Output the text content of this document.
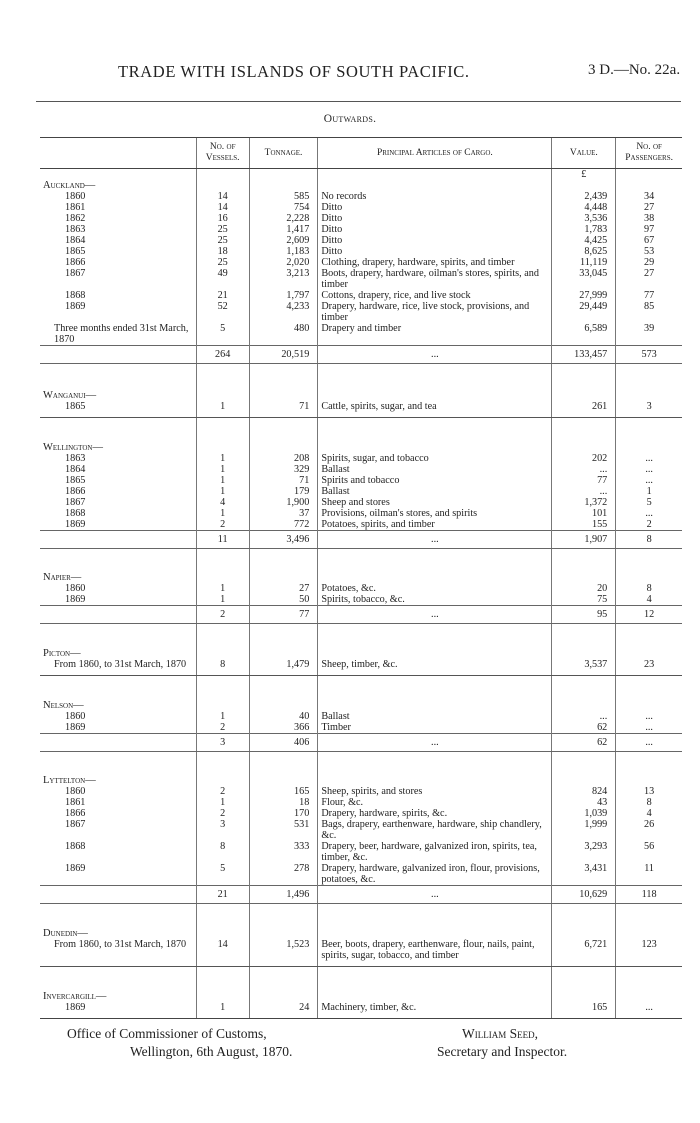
TRADE WITH ISLANDS OF SOUTH PACIFIC.	3 D.—No. 22a.
Outwards.
	No. of Vessels.	Tonnage.	Principal Articles of Cargo.	Value.	No. of Passengers.
				£	
Auckland—					
1860	14	585	No records	2,439	34
1861	14	754	Ditto	4,448	27
1862	16	2,228	Ditto	3,536	38
1863	25	1,417	Ditto	1,783	97
1864	25	2,609	Ditto	4,425	67
1865	18	1,183	Ditto	8,625	53
1866	25	2,020	Clothing, drapery, hardware, spirits, and timber	11,119	29
1867	49	3,213	Boots, drapery, hardware, oilman's stores, spirits, and timber	33,045	27
1868	21	1,797	Cottons, drapery, rice, and live stock	27,999	77
1869	52	4,233	Drapery, hardware, rice, live stock, provisions, and timber	29,449	85
Three months ended 31st March, 1870	5	480	Drapery and timber	6,589	39
	264	20,519	...	133,457	573

Wanganui—					
1865	1	71	Cattle, spirits, sugar, and tea	261	3

Wellington—					
1863	1	208	Spirits, sugar, and tobacco	202	...
1864	1	329	Ballast	...	...
1865	1	71	Spirits and tobacco	77	...
1866	1	179	Ballast	...	1
1867	4	1,900	Sheep and stores	1,372	5
1868	1	37	Provisions, oilman's stores, and spirits	101	...
1869	2	772	Potatoes, spirits, and timber	155	2
	11	3,496	...	1,907	8

Napier—					
1860	1	27	Potatoes, &c.	20	8
1869	1	50	Spirits, tobacco, &c.	75	4
	2	77	...	95	12

Picton—					
From 1860, to 31st March, 1870	8	1,479	Sheep, timber, &c.	3,537	23

Nelson—					
1860	1	40	Ballast	...	...
1869	2	366	Timber	62	...
	3	406	...	62	...

Lyttelton—					
1860	2	165	Sheep, spirits, and stores	824	13
1861	1	18	Flour, &c.	43	8
1866	2	170	Drapery, hardware, spirits, &c.	1,039	4
1867	3	531	Bags, drapery, earthenware, hardware, ship chandlery, &c.	1,999	26
1868	8	333	Drapery, beer, hardware, galvanized iron, spirits, tea, timber, &c.	3,293	56
1869	5	278	Drapery, hardware, galvanized iron, flour, provisions, potatoes, &c.	3,431	11
	21	1,496	...	10,629	118

Dunedin—					
From 1860, to 31st March, 1870	14	1,523	Beer, boots, drapery, earthenware, flour, nails, paint, spirits, sugar, tobacco, and timber	6,721	123

Invercargill—					
1869	1	24	Machinery, timber, &c.	165	...

Office of Commissioner of Customs,
Wellington, 6th August, 1870.
William Seed,
Secretary and Inspector.
